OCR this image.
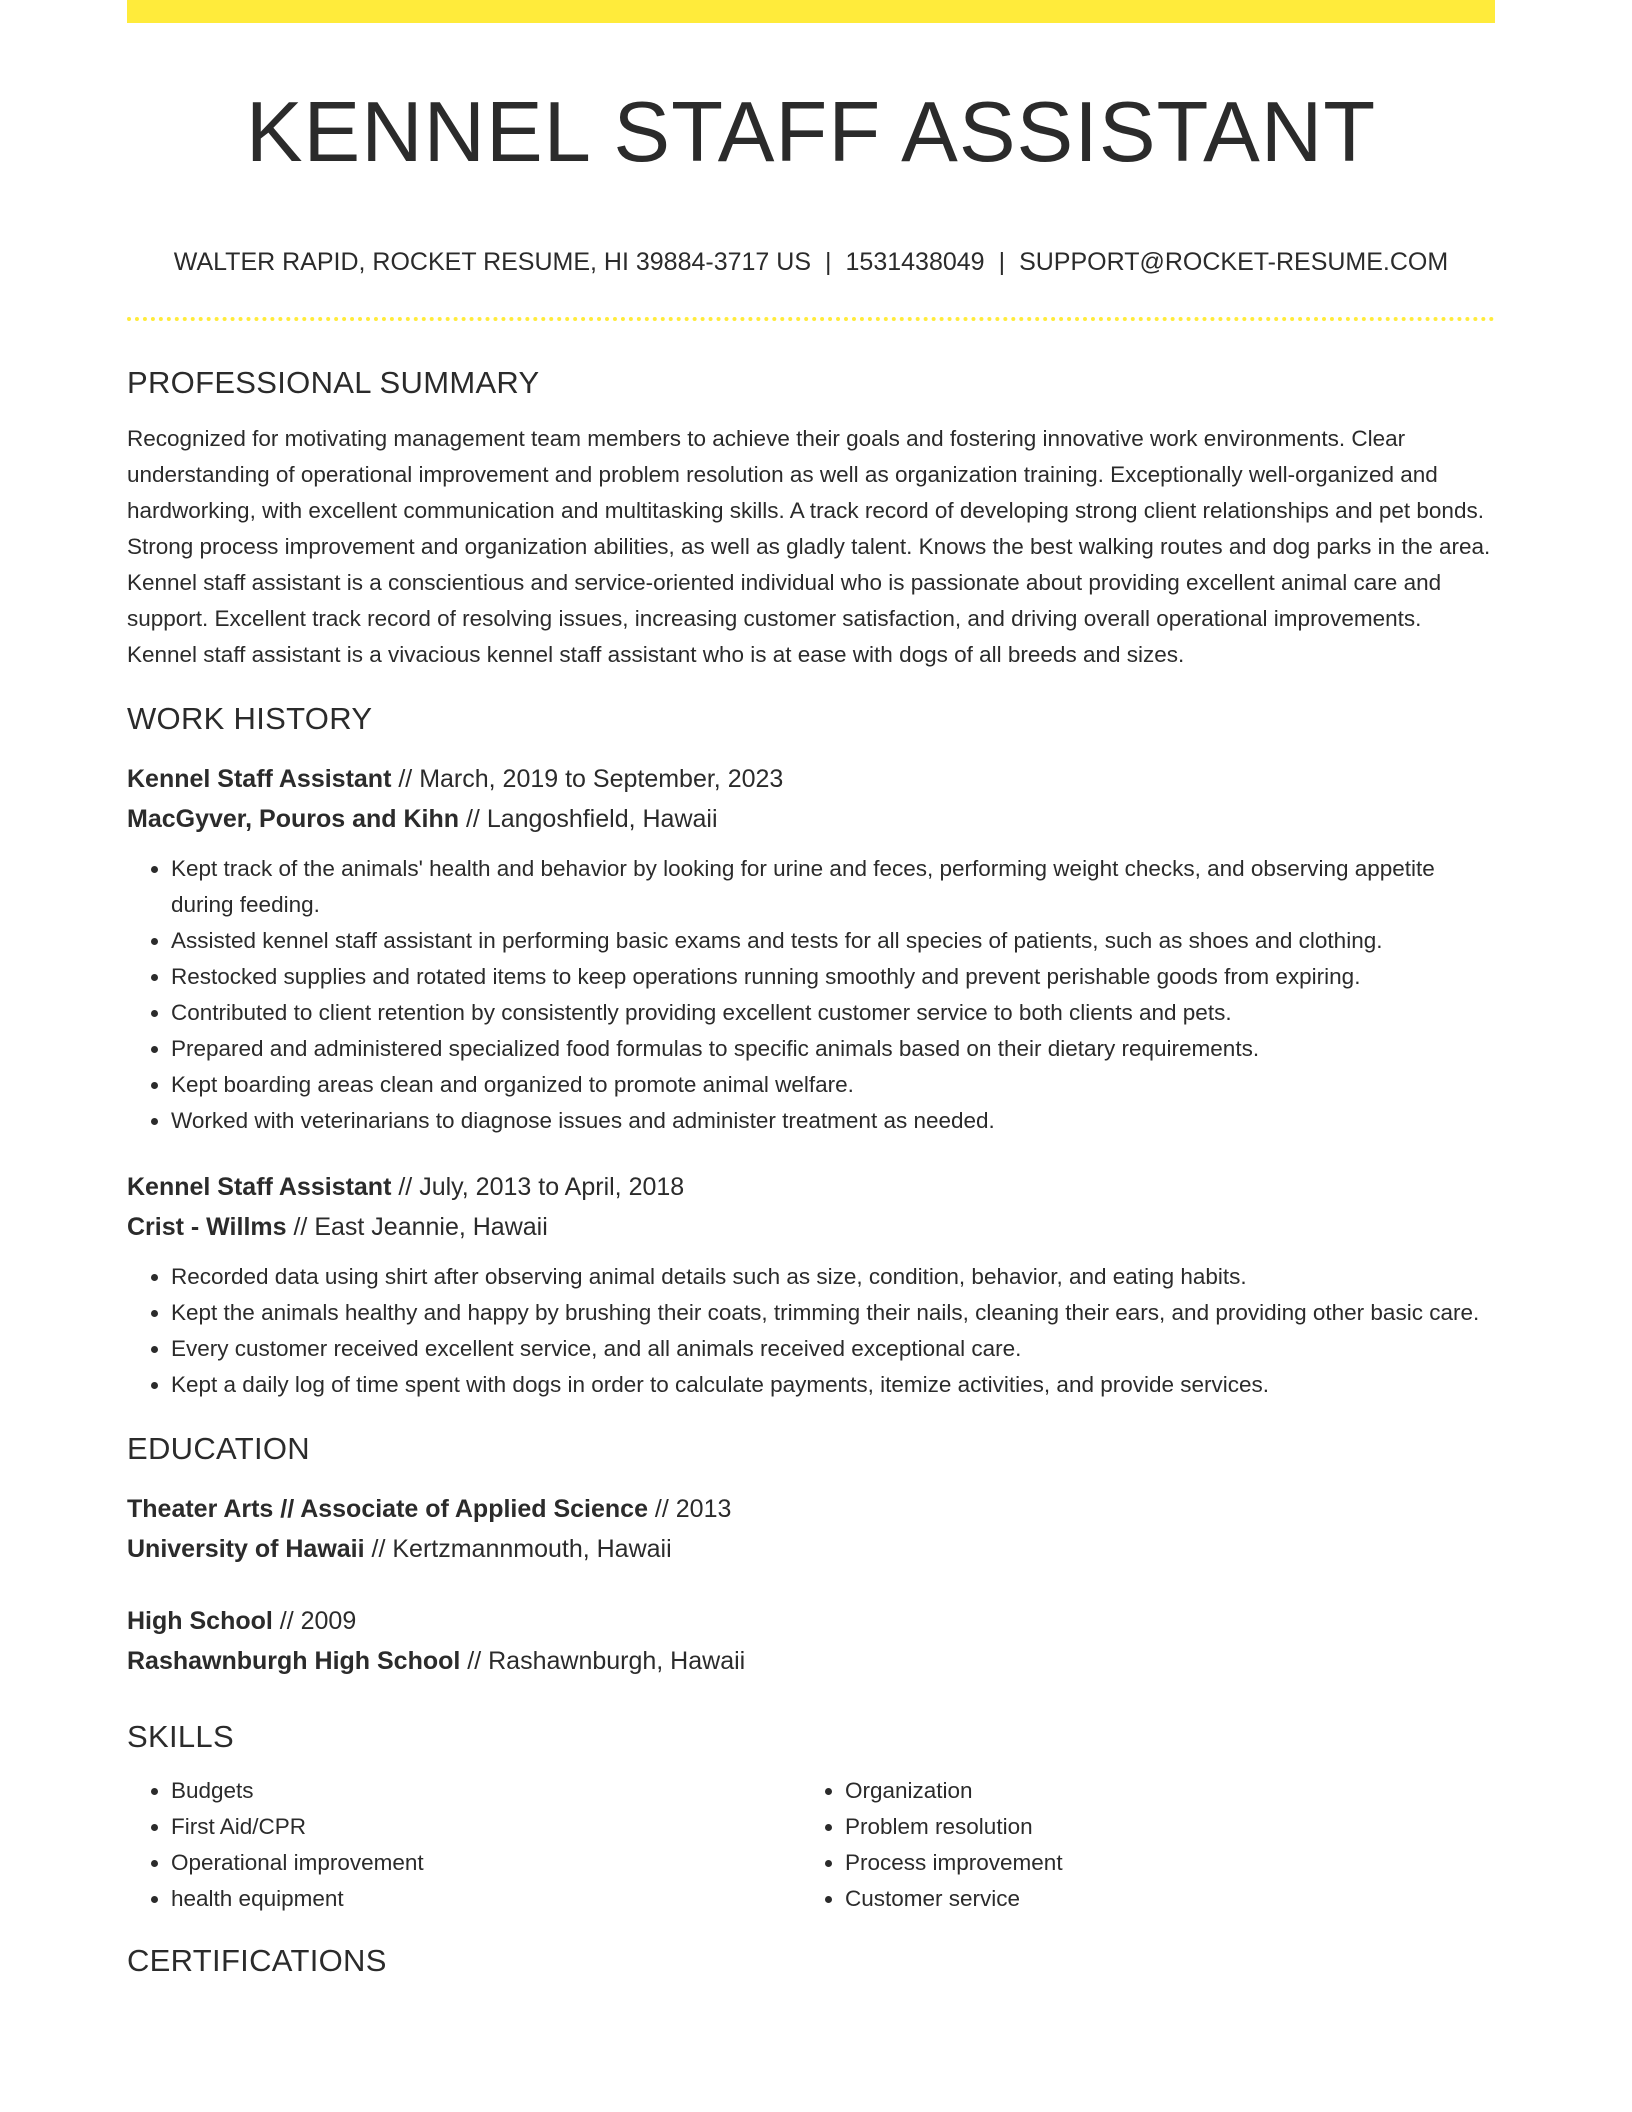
KENNEL STAFF ASSISTANT
WALTER RAPID, ROCKET RESUME, HI 39884-3717 US | 1531438049 | SUPPORT@ROCKET-RESUME.COM
PROFESSIONAL SUMMARY
Recognized for motivating management team members to achieve their goals and fostering innovative work environments. Clear understanding of operational improvement and problem resolution as well as organization training. Exceptionally well-organized and hardworking, with excellent communication and multitasking skills. A track record of developing strong client relationships and pet bonds. Strong process improvement and organization abilities, as well as gladly talent. Knows the best walking routes and dog parks in the area. Kennel staff assistant is a conscientious and service-oriented individual who is passionate about providing excellent animal care and support. Excellent track record of resolving issues, increasing customer satisfaction, and driving overall operational improvements. Kennel staff assistant is a vivacious kennel staff assistant who is at ease with dogs of all breeds and sizes.
WORK HISTORY
Kennel Staff Assistant // March, 2019 to September, 2023
MacGyver, Pouros and Kihn // Langoshfield, Hawaii
• Kept track of the animals' health and behavior by looking for urine and feces, performing weight checks, and observing appetite during feeding.
• Assisted kennel staff assistant in performing basic exams and tests for all species of patients, such as shoes and clothing.
• Restocked supplies and rotated items to keep operations running smoothly and prevent perishable goods from expiring.
• Contributed to client retention by consistently providing excellent customer service to both clients and pets.
• Prepared and administered specialized food formulas to specific animals based on their dietary requirements.
• Kept boarding areas clean and organized to promote animal welfare.
• Worked with veterinarians to diagnose issues and administer treatment as needed.
Kennel Staff Assistant // July, 2013 to April, 2018
Crist - Willms // East Jeannie, Hawaii
• Recorded data using shirt after observing animal details such as size, condition, behavior, and eating habits.
• Kept the animals healthy and happy by brushing their coats, trimming their nails, cleaning their ears, and providing other basic care.
• Every customer received excellent service, and all animals received exceptional care.
• Kept a daily log of time spent with dogs in order to calculate payments, itemize activities, and provide services.
EDUCATION
Theater Arts // Associate of Applied Science // 2013
University of Hawaii // Kertzmannmouth, Hawaii
High School // 2009
Rashawnburgh High School // Rashawnburgh, Hawaii
SKILLS
• Budgets
• First Aid/CPR
• Operational improvement
• health equipment
• Organization
• Problem resolution
• Process improvement
• Customer service
CERTIFICATIONS
